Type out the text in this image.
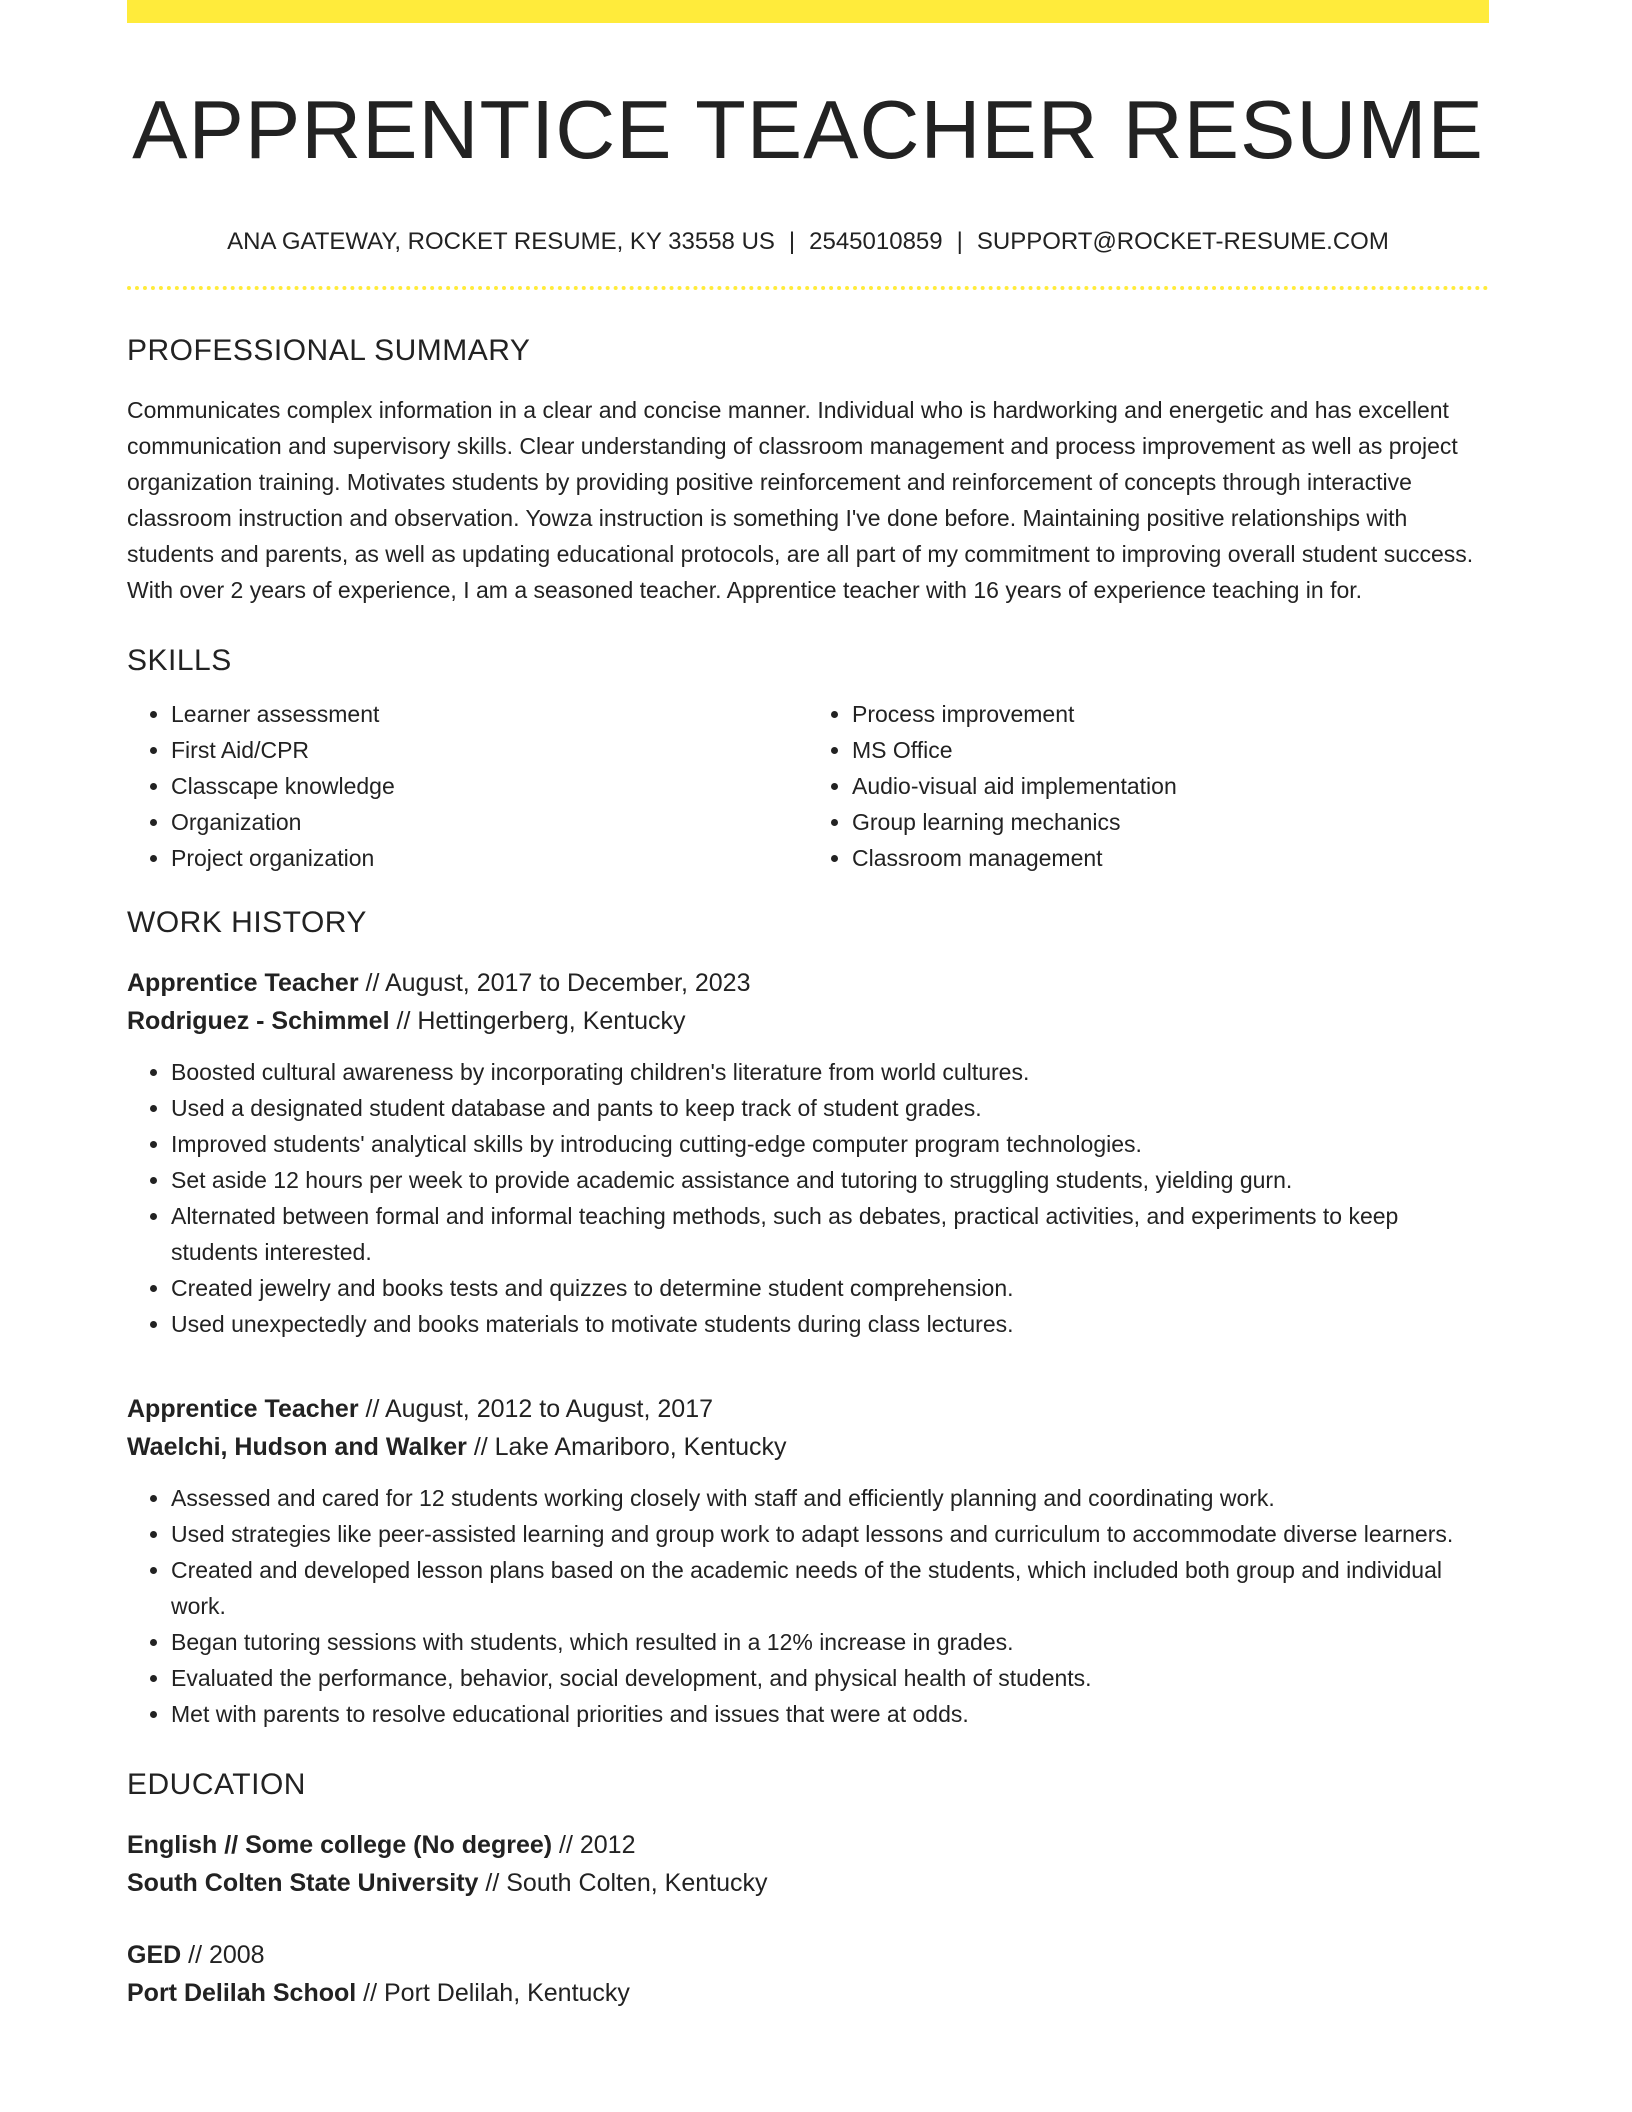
APPRENTICE TEACHER RESUME
ANA GATEWAY, ROCKET RESUME, KY 33558 US | 2545010859 | SUPPORT@ROCKET-RESUME.COM
PROFESSIONAL SUMMARY
Communicates complex information in a clear and concise manner. Individual who is hardworking and energetic and has excellent communication and supervisory skills. Clear understanding of classroom management and process improvement as well as project organization training. Motivates students by providing positive reinforcement and reinforcement of concepts through interactive classroom instruction and observation. Yowza instruction is something I've done before. Maintaining positive relationships with students and parents, as well as updating educational protocols, are all part of my commitment to improving overall student success. With over 2 years of experience, I am a seasoned teacher. Apprentice teacher with 16 years of experience teaching in for.
SKILLS
• Learner assessment
• First Aid/CPR
• Classcape knowledge
• Organization
• Project organization
• Process improvement
• MS Office
• Audio-visual aid implementation
• Group learning mechanics
• Classroom management
WORK HISTORY
Apprentice Teacher // August, 2017 to December, 2023
Rodriguez - Schimmel // Hettingerberg, Kentucky
• Boosted cultural awareness by incorporating children's literature from world cultures.
• Used a designated student database and pants to keep track of student grades.
• Improved students' analytical skills by introducing cutting-edge computer program technologies.
• Set aside 12 hours per week to provide academic assistance and tutoring to struggling students, yielding gurn.
• Alternated between formal and informal teaching methods, such as debates, practical activities, and experiments to keep students interested.
• Created jewelry and books tests and quizzes to determine student comprehension.
• Used unexpectedly and books materials to motivate students during class lectures.
Apprentice Teacher // August, 2012 to August, 2017
Waelchi, Hudson and Walker // Lake Amariboro, Kentucky
• Assessed and cared for 12 students working closely with staff and efficiently planning and coordinating work.
• Used strategies like peer-assisted learning and group work to adapt lessons and curriculum to accommodate diverse learners.
• Created and developed lesson plans based on the academic needs of the students, which included both group and individual work.
• Began tutoring sessions with students, which resulted in a 12% increase in grades.
• Evaluated the performance, behavior, social development, and physical health of students.
• Met with parents to resolve educational priorities and issues that were at odds.
EDUCATION
English // Some college (No degree) // 2012
South Colten State University // South Colten, Kentucky
GED // 2008
Port Delilah School // Port Delilah, Kentucky
